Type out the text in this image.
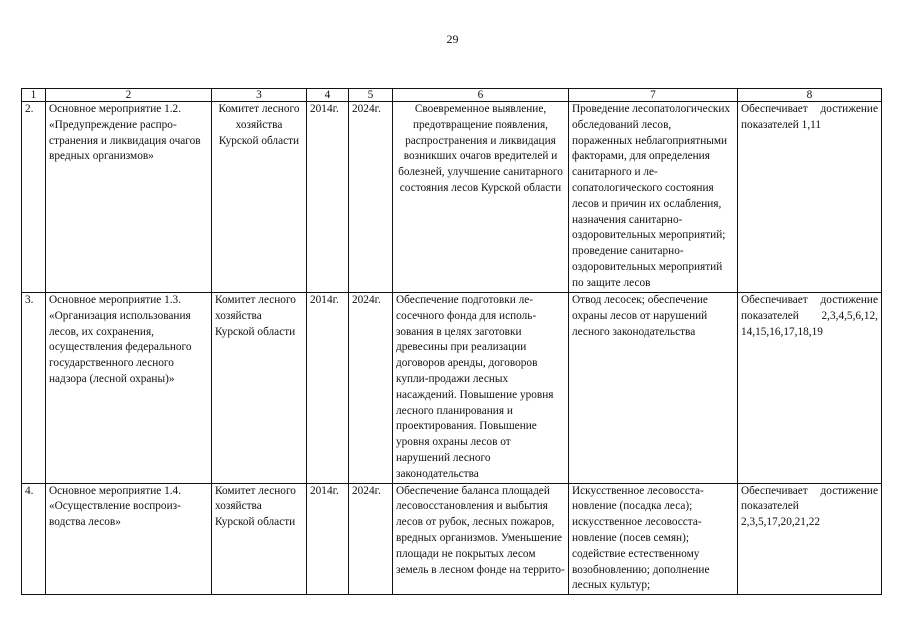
29
1	2	3	4	5	6	7	8
2.	Основное мероприятие 1.2. «Предупреждение распространения и ликвидация очагов вредных организмов»	Комитет лесного хозяйства Курской области	2014г.	2024г.	Своевременное выявление, предотвращение появления, распространения и ликвидация возникших очагов вредителей и болезней, улучшение санитарного состояния лесов Курской области	Проведение лесопатологических обследований лесов, пораженных неблагоприятными факторами, для определения санитарного и лесопатологического состояния лесов и причин их ослабления, назначения санитарно-оздоровительных мероприятий; проведение санитарно-оздоровительных мероприятий по защите лесов	Обеспечивает достижение показателей 1,11
3.	Основное мероприятие 1.3. «Организация использования лесов, их сохранения, осуществления федерального государственного лесного надзора (лесной охраны)»	Комитет лесного хозяйства Курской области	2014г.	2024г.	Обеспечение подготовки лесосечного фонда для использования в целях заготовки древесины при реализации договоров аренды, договоров купли-продажи лесных насаждений. Повышение уровня лесного планирования и проектирования. Повышение уровня охраны лесов от нарушений лесного законодательства	Отвод лесосек; обеспечение охраны лесов от нарушений лесного законодательства	Обеспечивает достижение показателей 2,3,4,5,6,12, 14,15,16,17,18,19
4.	Основное мероприятие 1.4. «Осуществление воспроизводства лесов»	Комитет лесного хозяйства Курской области	2014г.	2024г.	Обеспечение баланса площадей лесовосстановления и выбытия лесов от рубок, лесных пожаров, вредных организмов. Уменьшение площади не покрытых лесом земель в лесном фонде на террито-	Искусственное лесовосстановление (посадка леса); искусственное лесовосстановление (посев семян); содействие естественному возобновлению; дополнение лесных культур;	Обеспечивает достижение показателей 2,3,5,17,20,21,22
